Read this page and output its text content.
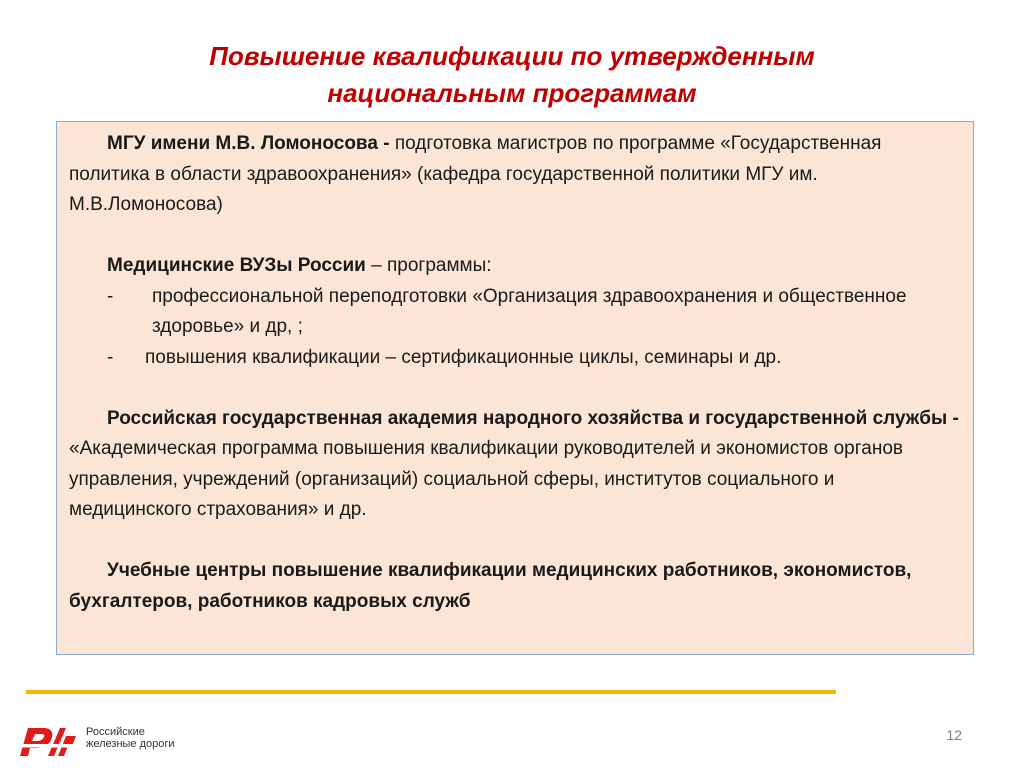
Повышение квалификации по утвержденным
национальным программам

МГУ имени М.В. Ломоносова - подготовка магистров по программе «Государственная политика в области здравоохранения» (кафедра государственной политики МГУ им. М.В.Ломоносова)

Медицинские ВУЗы России – программы:

-	профессиональной переподготовки «Организация здравоохранения и общественное здоровье» и др, ;
-	повышения квалификации – сертификационные циклы, семинары и др.

Российская государственная академия народного хозяйства и государственной службы - «Академическая программа повышения квалификации руководителей и экономистов органов управления, учреждений (организаций) социальной сферы, институтов социального и медицинского страхования» и др.

Учебные центры повышение квалификации медицинских работников, экономистов, бухгалтеров, работников кадровых служб

Российские
железные дороги
12
